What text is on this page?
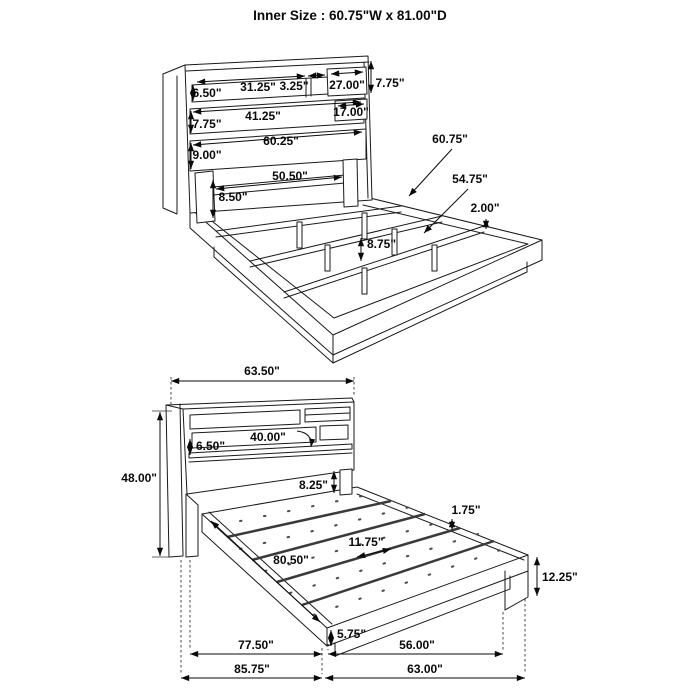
Inner Size : 60.75"W x 81.00"D
7.75"
6.50" 31.25" 3.25" 27.00"
41.25"
7.75"
17.00"
60.25"
9.00"
50.50"
8.50"
8.75"
2.00"
60.75"
54.75"
63.50"
48.00"
6.50"
40.00"
8.25"
1.75"
80.50"
11.75"
12.25"
5.75"
77.50"	56.00"
85.75"	63.00"
